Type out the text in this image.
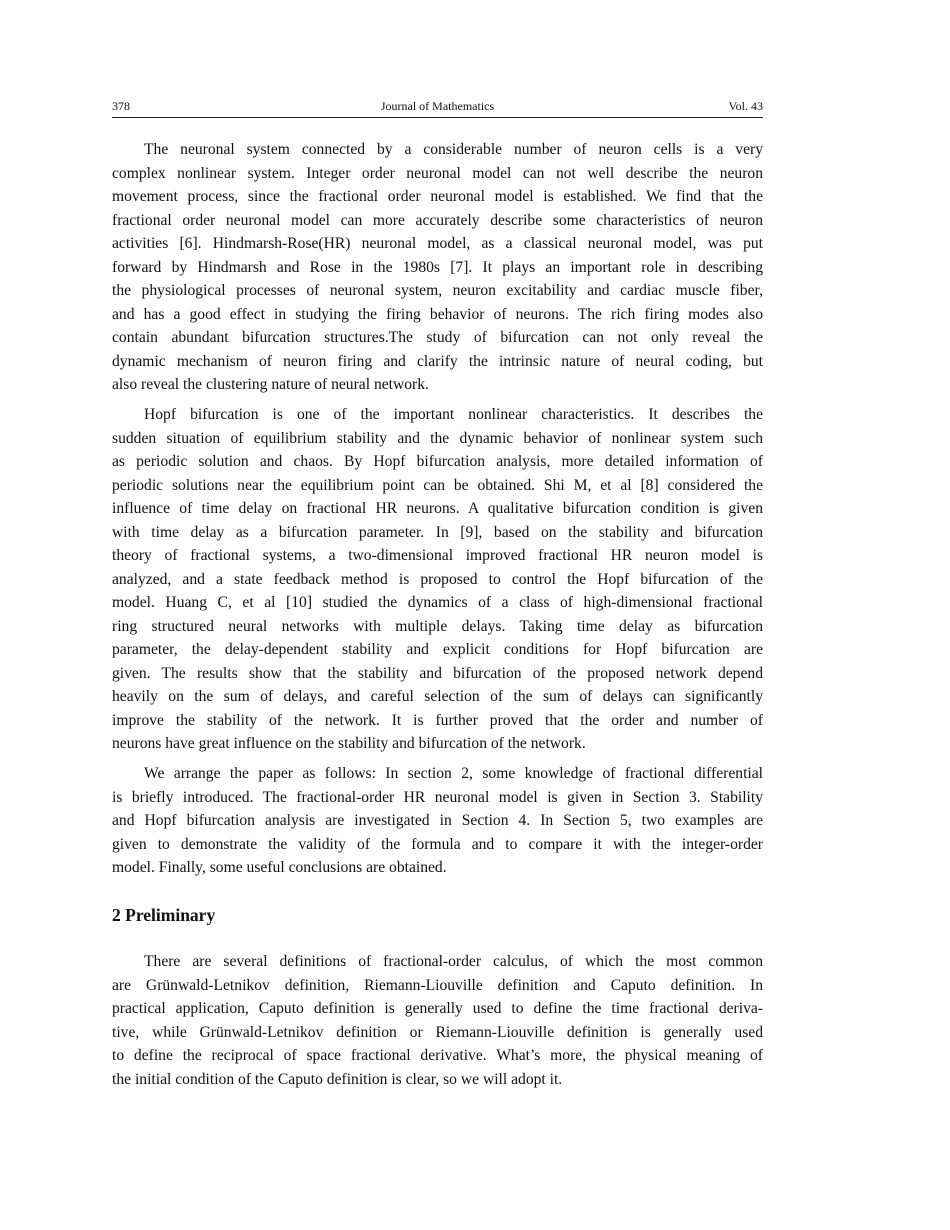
Journal of Mathematics
378	Vol. 43
The neuronal system connected by a considerable number of neuron cells is a very
complex nonlinear system. Integer order neuronal model can not well describe the neuron
movement process, since the fractional order neuronal model is established. We find that the
fractional order neuronal model can more accurately describe some characteristics of neuron
activities [6]. Hindmarsh-Rose(HR) neuronal model, as a classical neuronal model, was put
forward by Hindmarsh and Rose in the 1980s [7]. It plays an important role in describing
the physiological processes of neuronal system, neuron excitability and cardiac muscle fiber,
and has a good effect in studying the firing behavior of neurons. The rich firing modes also
contain abundant bifurcation structures.The study of bifurcation can not only reveal the
dynamic mechanism of neuron firing and clarify the intrinsic nature of neural coding, but
also reveal the clustering nature of neural network.
Hopf bifurcation is one of the important nonlinear characteristics. It describes the
sudden situation of equilibrium stability and the dynamic behavior of nonlinear system such
as periodic solution and chaos. By Hopf bifurcation analysis, more detailed information of
periodic solutions near the equilibrium point can be obtained. Shi M, et al [8] considered the
influence of time delay on fractional HR neurons. A qualitative bifurcation condition is given
with time delay as a bifurcation parameter. In [9], based on the stability and bifurcation
theory of fractional systems, a two-dimensional improved fractional HR neuron model is
analyzed, and a state feedback method is proposed to control the Hopf bifurcation of the
model. Huang C, et al [10] studied the dynamics of a class of high-dimensional fractional
ring structured neural networks with multiple delays. Taking time delay as bifurcation
parameter, the delay-dependent stability and explicit conditions for Hopf bifurcation are
given. The results show that the stability and bifurcation of the proposed network depend
heavily on the sum of delays, and careful selection of the sum of delays can significantly
improve the stability of the network. It is further proved that the order and number of
neurons have great influence on the stability and bifurcation of the network.
We arrange the paper as follows: In section 2, some knowledge of fractional differential
is briefly introduced. The fractional-order HR neuronal model is given in Section 3. Stability
and Hopf bifurcation analysis are investigated in Section 4. In Section 5, two examples are
given to demonstrate the validity of the formula and to compare it with the integer-order
model. Finally, some useful conclusions are obtained.
2 Preliminary
There are several definitions of fractional-order calculus, of which the most common
are Grünwald-Letnikov definition, Riemann-Liouville definition and Caputo definition. In
practical application, Caputo definition is generally used to define the time fractional deriva-
tive, while Grünwald-Letnikov definition or Riemann-Liouville definition is generally used
to define the reciprocal of space fractional derivative. What’s more, the physical meaning of
the initial condition of the Caputo definition is clear, so we will adopt it.
